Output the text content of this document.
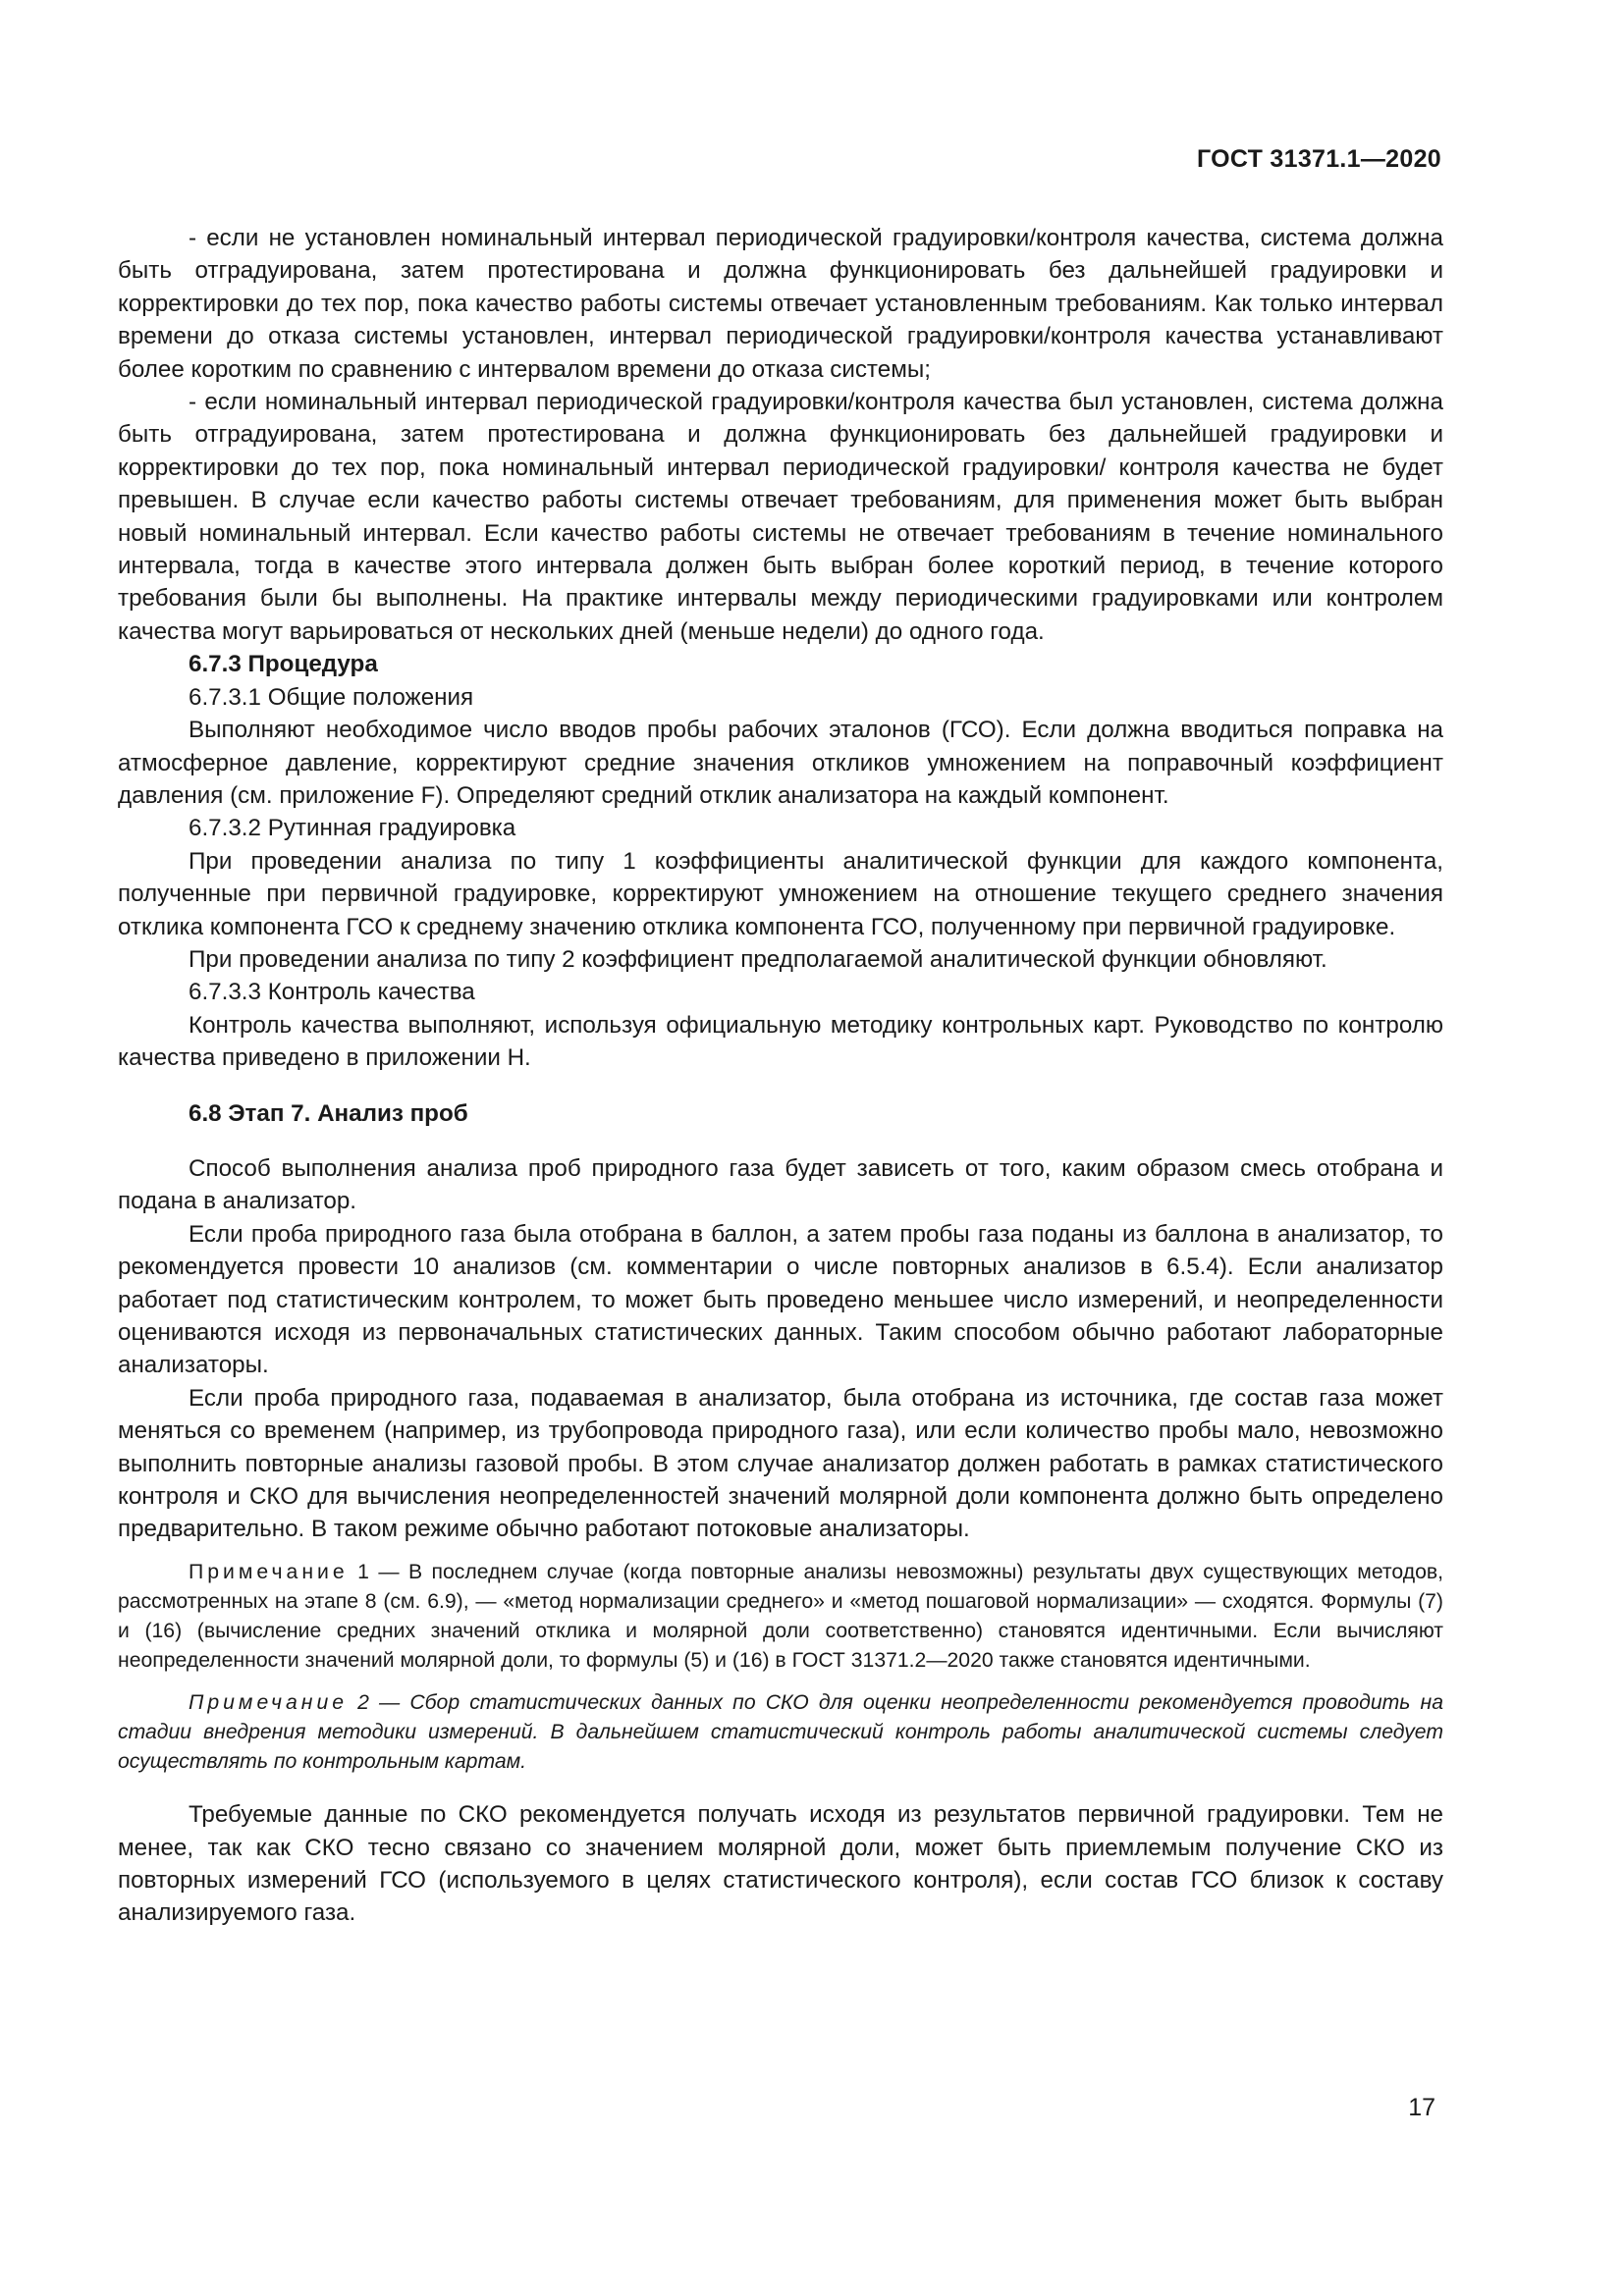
ГОСТ 31371.1—2020

- если не установлен номинальный интервал периодической градуировки/контроля качества, система должна быть отградуирована, затем протестирована и должна функционировать без дальнейшей градуировки и корректировки до тех пор, пока качество работы системы отвечает установленным требованиям. Как только интервал времени до отказа системы установлен, интервал периодической градуировки/контроля качества устанавливают более коротким по сравнению с интервалом времени до отказа системы;

- если номинальный интервал периодической градуировки/контроля качества был установлен, система должна быть отградуирована, затем протестирована и должна функционировать без дальнейшей градуировки и корректировки до тех пор, пока номинальный интервал периодической градуировки/ контроля качества не будет превышен. В случае если качество работы системы отвечает требованиям, для применения может быть выбран новый номинальный интервал. Если качество работы системы не отвечает требованиям в течение номинального интервала, тогда в качестве этого интервала должен быть выбран более короткий период, в течение которого требования были бы выполнены. На практике интервалы между периодическими градуировками или контролем качества могут варьироваться от нескольких дней (меньше недели) до одного года.

6.7.3 Процедура

6.7.3.1 Общие положения

Выполняют необходимое число вводов пробы рабочих эталонов (ГСО). Если должна вводиться поправка на атмосферное давление, корректируют средние значения откликов умножением на поправочный коэффициент давления (см. приложение F). Определяют средний отклик анализатора на каждый компонент.

6.7.3.2 Рутинная градуировка

При проведении анализа по типу 1 коэффициенты аналитической функции для каждого компонента, полученные при первичной градуировке, корректируют умножением на отношение текущего среднего значения отклика компонента ГСО к среднему значению отклика компонента ГСО, полученному при первичной градуировке.

При проведении анализа по типу 2 коэффициент предполагаемой аналитической функции обновляют.

6.7.3.3 Контроль качества

Контроль качества выполняют, используя официальную методику контрольных карт. Руководство по контролю качества приведено в приложении H.

6.8 Этап 7. Анализ проб

Способ выполнения анализа проб природного газа будет зависеть от того, каким образом смесь отобрана и подана в анализатор.

Если проба природного газа была отобрана в баллон, а затем пробы газа поданы из баллона в анализатор, то рекомендуется провести 10 анализов (см. комментарии о числе повторных анализов в 6.5.4). Если анализатор работает под статистическим контролем, то может быть проведено меньшее число измерений, и неопределенности оцениваются исходя из первоначальных статистических данных. Таким способом обычно работают лабораторные анализаторы.

Если проба природного газа, подаваемая в анализатор, была отобрана из источника, где состав газа может меняться со временем (например, из трубопровода природного газа), или если количество пробы мало, невозможно выполнить повторные анализы газовой пробы. В этом случае анализатор должен работать в рамках статистического контроля и СКО для вычисления неопределенностей значений молярной доли компонента должно быть определено предварительно. В таком режиме обычно работают потоковые анализаторы.

Примечание 1 — В последнем случае (когда повторные анализы невозможны) результаты двух существующих методов, рассмотренных на этапе 8 (см. 6.9), — «метод нормализации среднего» и «метод пошаговой нормализации» — сходятся. Формулы (7) и (16) (вычисление средних значений отклика и молярной доли соответственно) становятся идентичными. Если вычисляют неопределенности значений молярной доли, то формулы (5) и (16) в ГОСТ 31371.2—2020 также становятся идентичными.

Примечание 2 — Сбор статистических данных по СКО для оценки неопределенности рекомендуется проводить на стадии внедрения методики измерений. В дальнейшем статистический контроль работы аналитической системы следует осуществлять по контрольным картам.

Требуемые данные по СКО рекомендуется получать исходя из результатов первичной градуировки. Тем не менее, так как СКО тесно связано со значением молярной доли, может быть приемлемым получение СКО из повторных измерений ГСО (используемого в целях статистического контроля), если состав ГСО близок к составу анализируемого газа.

17
